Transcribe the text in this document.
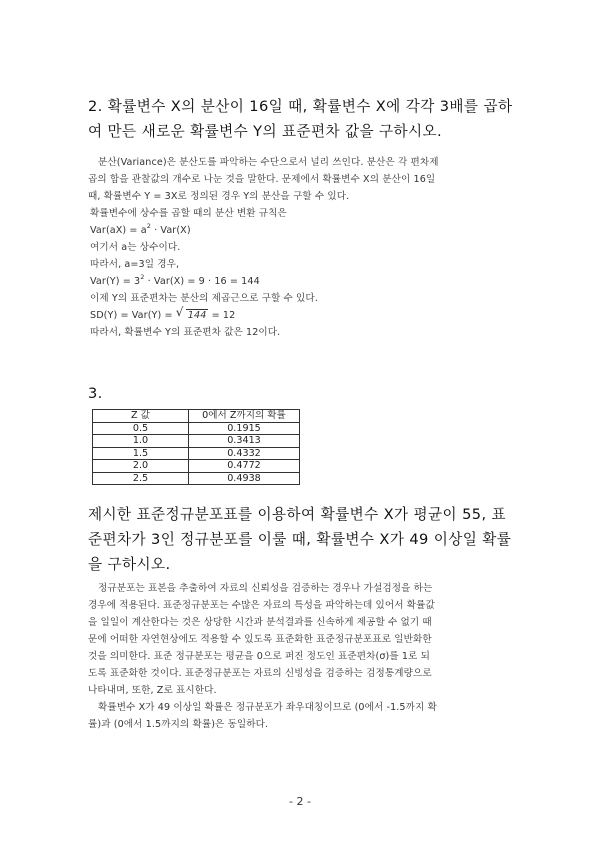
2. 확률변수 X의 분산이 16일 때, 확률변수 X에 각각 3배를 곱하
여 만든 새로운 확률변수 Y의 표준편차 값을 구하시오.
분산(Variance)은 분산도를 파악하는 수단으로서 널리 쓰인다. 분산은 각 편차제
곱의 합을 관찰값의 개수로 나눈 것을 말한다. 문제에서 확률변수 X의 분산이 16일
때, 확률변수 Y = 3X로 정의된 경우 Y의 분산을 구할 수 있다.
확률변수에 상수를 곱할 때의 분산 변환 규칙은
$Var(aX) = a^2 \cdot Var(X)$
여기서 a는 상수이다.
따라서, a=3일 경우,
$Var(Y) = 3^2 \cdot Var(X) = 9 \cdot 16 = 144$
이제 Y의 표준편차는 분산의 제곱근으로 구할 수 있다.
SD(Y) = Var(Y) = √ 144 = 12
따라서, 확률변수 Y의 표준편차 값은 12이다.
3.
Z 값	0에서 Z까지의 확률
0.5	0.1915
1.0	0.3413
1.5	0.4332
2.0	0.4772
2.5	0.4938
제시한 표준정규분포표를 이용하여 확률변수 X가 평균이 55, 표
준편차가 3인 정규분포를 이룰 때, 확률변수 X가 49 이상일 확률
을 구하시오.
정규분포는 표본을 추출하여 자료의 신뢰성을 검증하는 경우나 가설검정을 하는
경우에 적용된다. 표준정규분포는 수많은 자료의 특성을 파악하는데 있어서 확률값
을 일일이 계산한다는 것은 상당한 시간과 분석결과를 신속하게 제공할 수 없기 때
문에 어떠한 자연현상에도 적용할 수 있도록 표준화한 표준정규분포표로 일반화한
것을 의미한다. 표준 정규분포는 평균을 0으로 퍼진 정도인 표준편차(σ)를 1로 되
도록 표준화한 것이다. 표준정규분포는 자료의 신빙성을 검증하는 검정통계량으로
나타내며, 또한, Z로 표시한다.
확률변수 X가 49 이상일 확률은 정규분포가 좌우대칭이므로 (0에서 -1.5까지 확
률)과 (0에서 1.5까지의 확률)은 동일하다.
- 2 -
